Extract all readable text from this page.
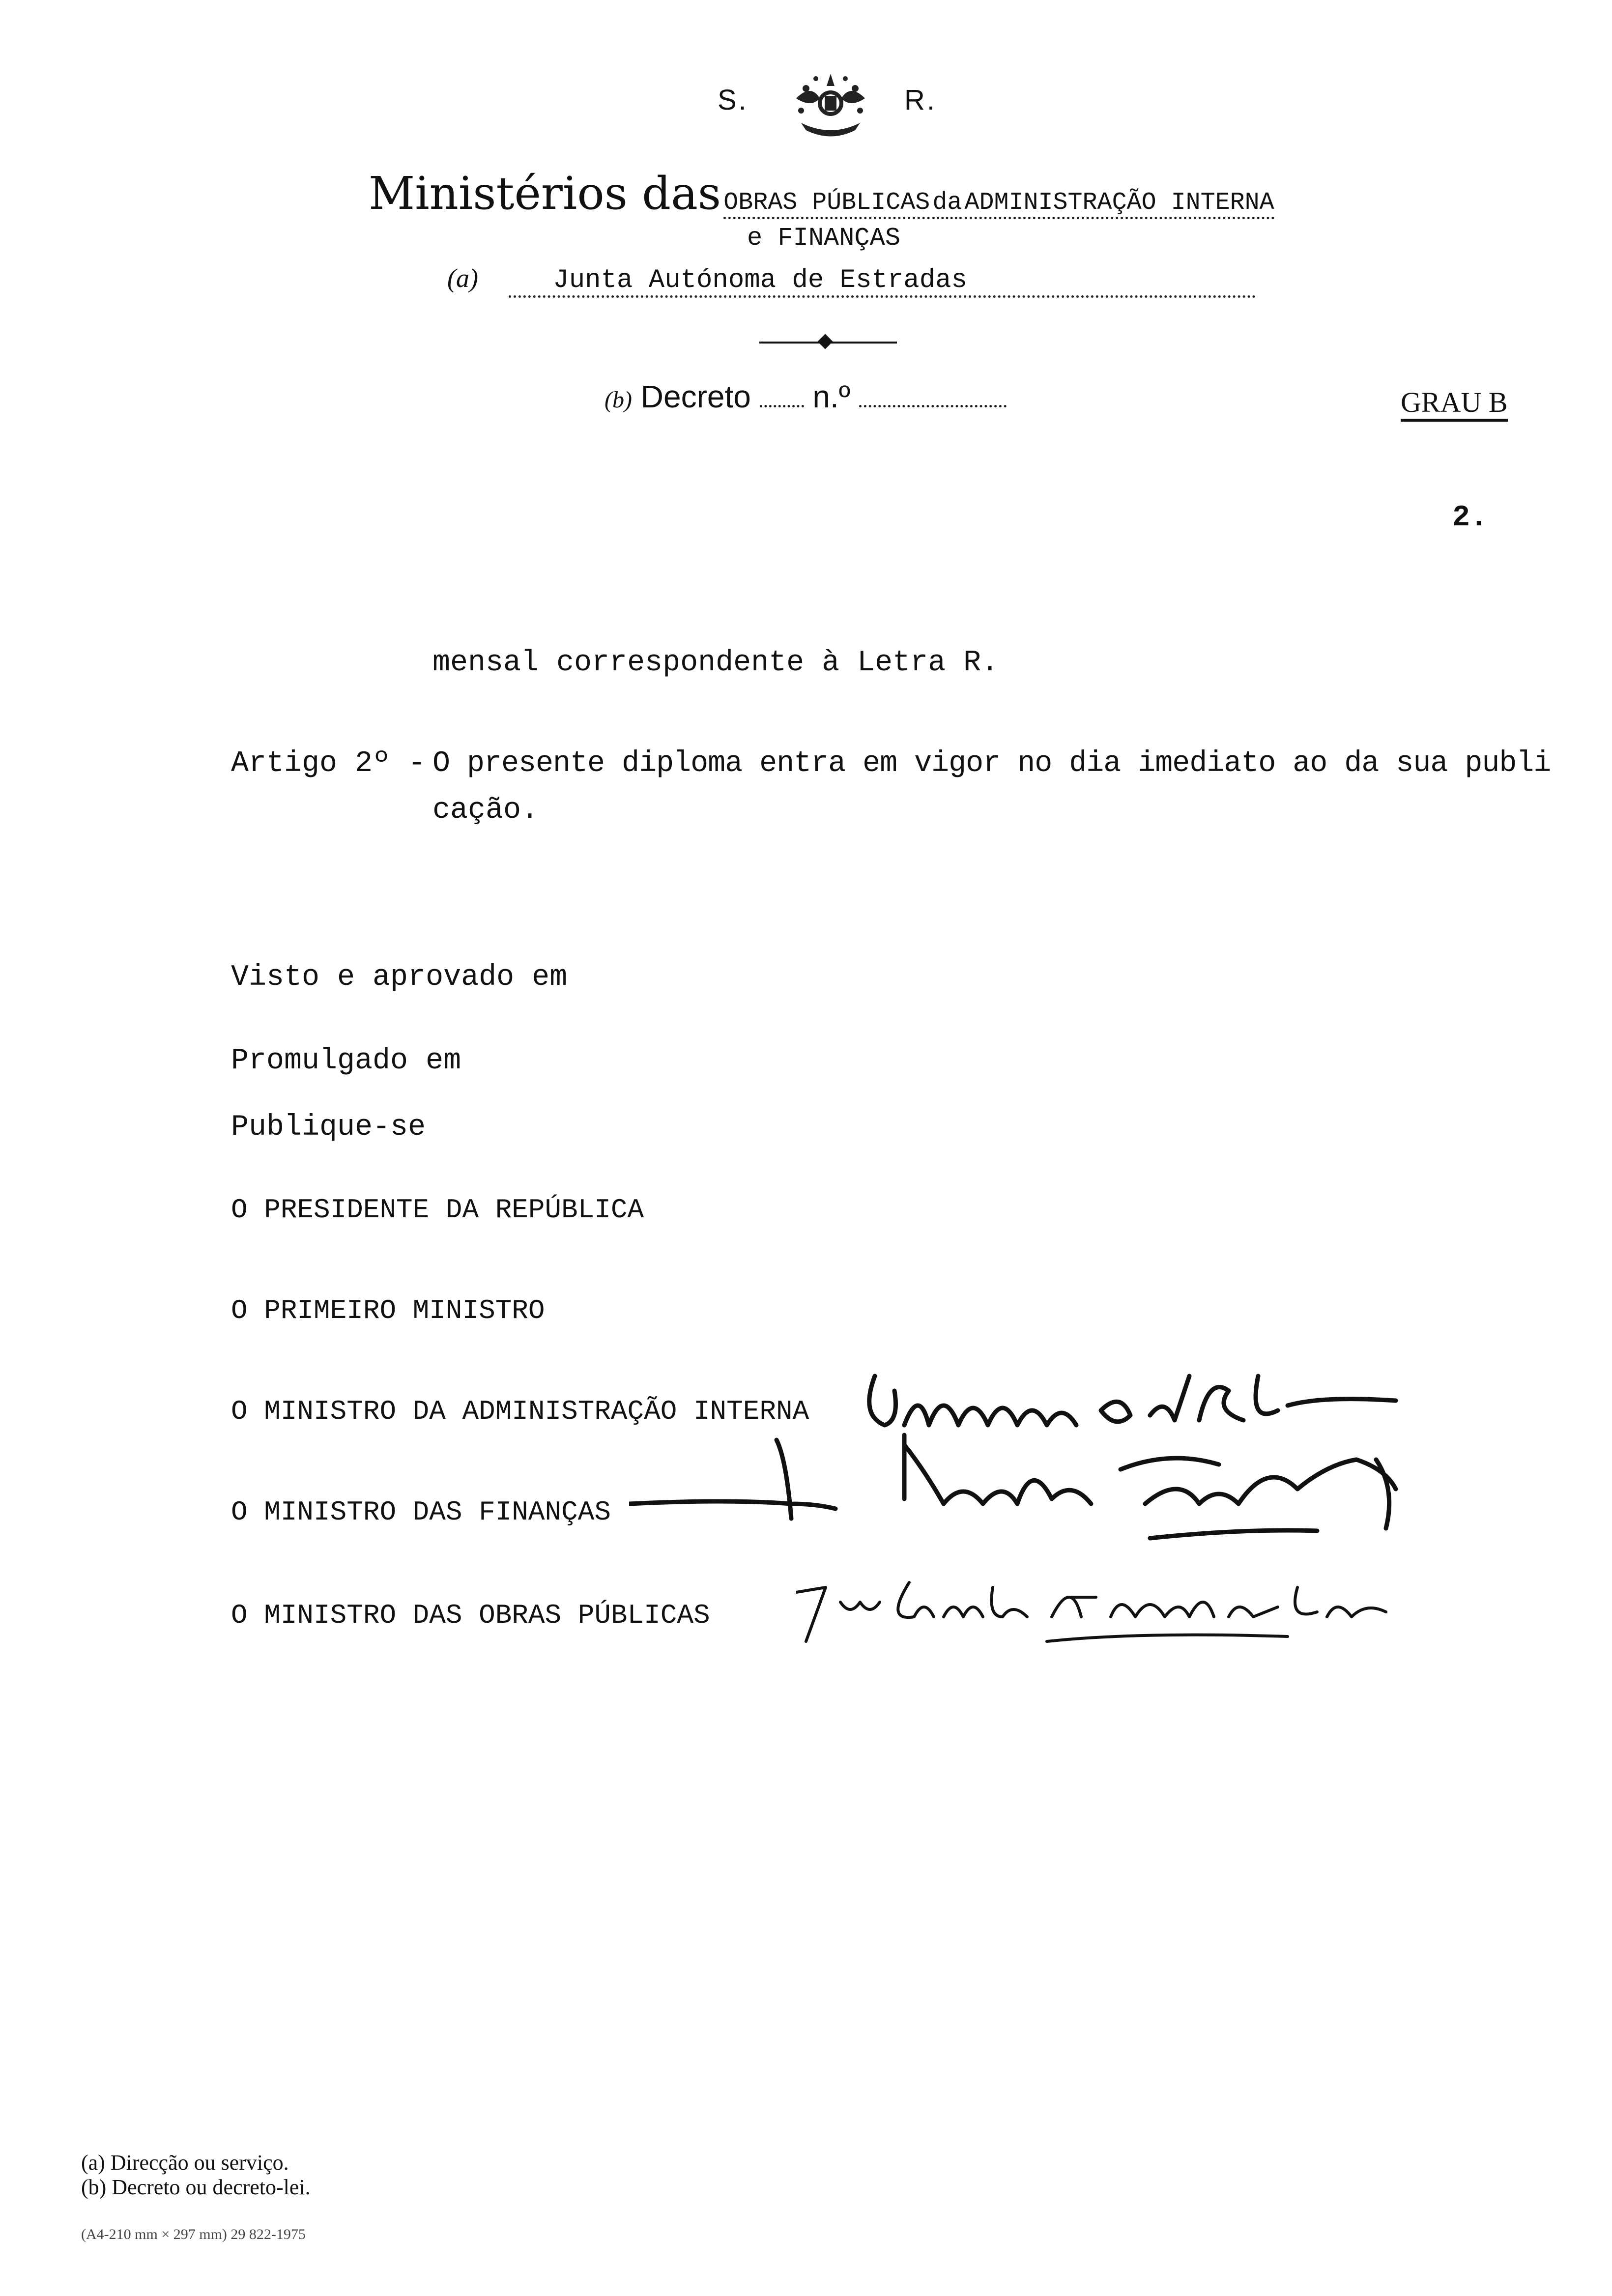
S.	R.
Ministérios das OBRAS PÚBLICAS da ADMINISTRAÇÃO INTERNA
e FINANÇAS
(a)	Junta Autónoma de Estradas
(b) Decreto n.º	GRAU B
2.
mensal correspondente à Letra R.
Artigo 2º - O presente diploma entra em vigor no dia imediato ao da sua publi
cação.
Visto e aprovado em
Promulgado em
Publique-se
O PRESIDENTE DA REPÚBLICA
O PRIMEIRO MINISTRO
O MINISTRO DA ADMINISTRAÇÃO INTERNA
O MINISTRO DAS FINANÇAS
O MINISTRO DAS OBRAS PÚBLICAS
(a) Direcção ou serviço.
(b) Decreto ou decreto-lei.
(A4-210 mm × 297 mm) 29 822-1975
